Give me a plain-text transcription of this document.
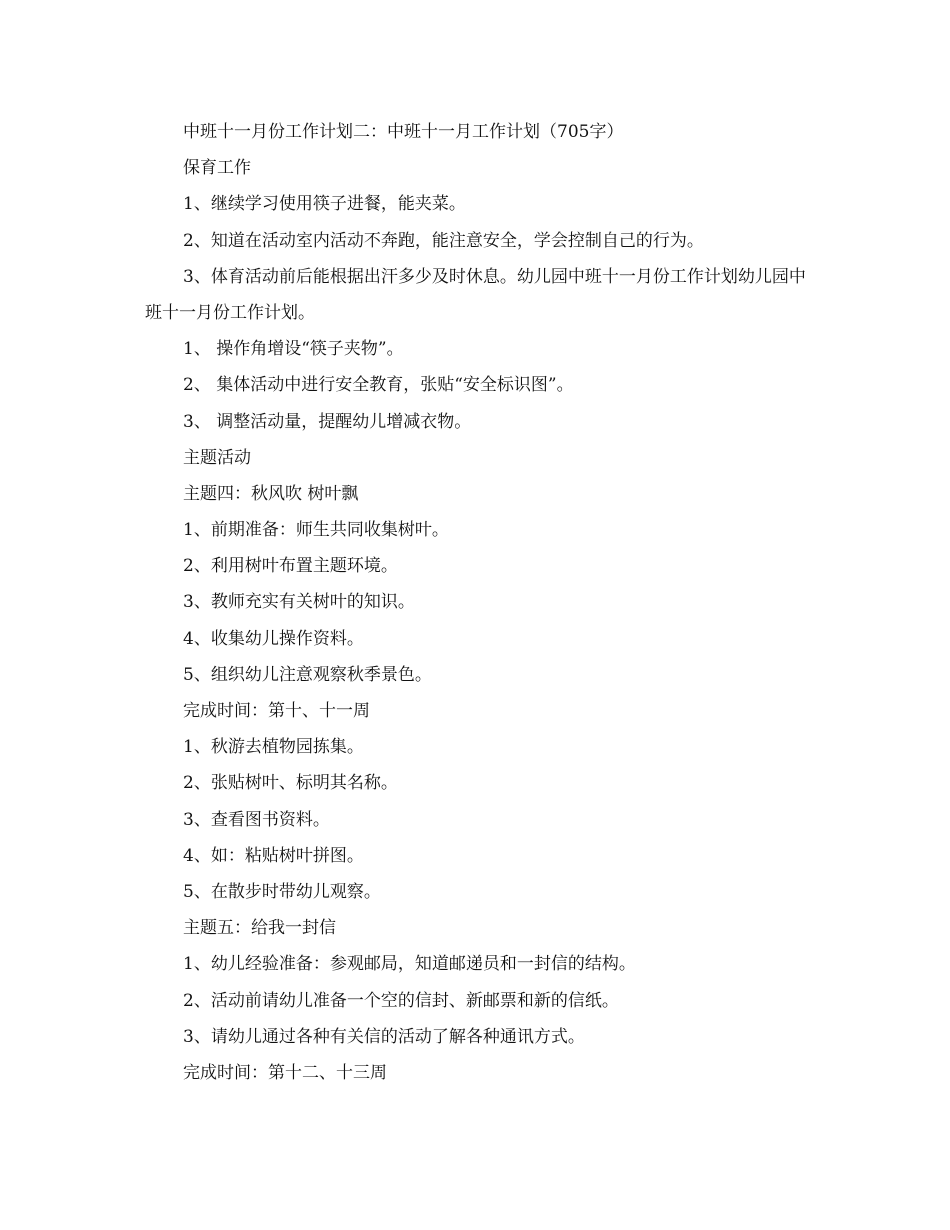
中班十一月份工作计划二：中班十一月工作计划（705字）
保育工作
1、继续学习使用筷子进餐，能夹菜。
2、知道在活动室内活动不奔跑，能注意安全，学会控制自己的行为。
3、体育活动前后能根据出汗多少及时休息。幼儿园中班十一月份工作计划幼儿园中班十一月份工作计划。
1、 操作角增设“筷子夹物”。
2、 集体活动中进行安全教育，张贴“安全标识图”。
3、 调整活动量，提醒幼儿增减衣物。
主题活动
主题四：秋风吹 树叶飘
1、前期准备：师生共同收集树叶。
2、利用树叶布置主题环境。
3、教师充实有关树叶的知识。
4、收集幼儿操作资料。
5、组织幼儿注意观察秋季景色。
完成时间：第十、十一周
1、秋游去植物园拣集。
2、张贴树叶、标明其名称。
3、查看图书资料。
4、如：粘贴树叶拼图。
5、在散步时带幼儿观察。
主题五：给我一封信
1、幼儿经验准备：参观邮局，知道邮递员和一封信的结构。
2、活动前请幼儿准备一个空的信封、新邮票和新的信纸。
3、请幼儿通过各种有关信的活动了解各种通讯方式。
完成时间：第十二、十三周
